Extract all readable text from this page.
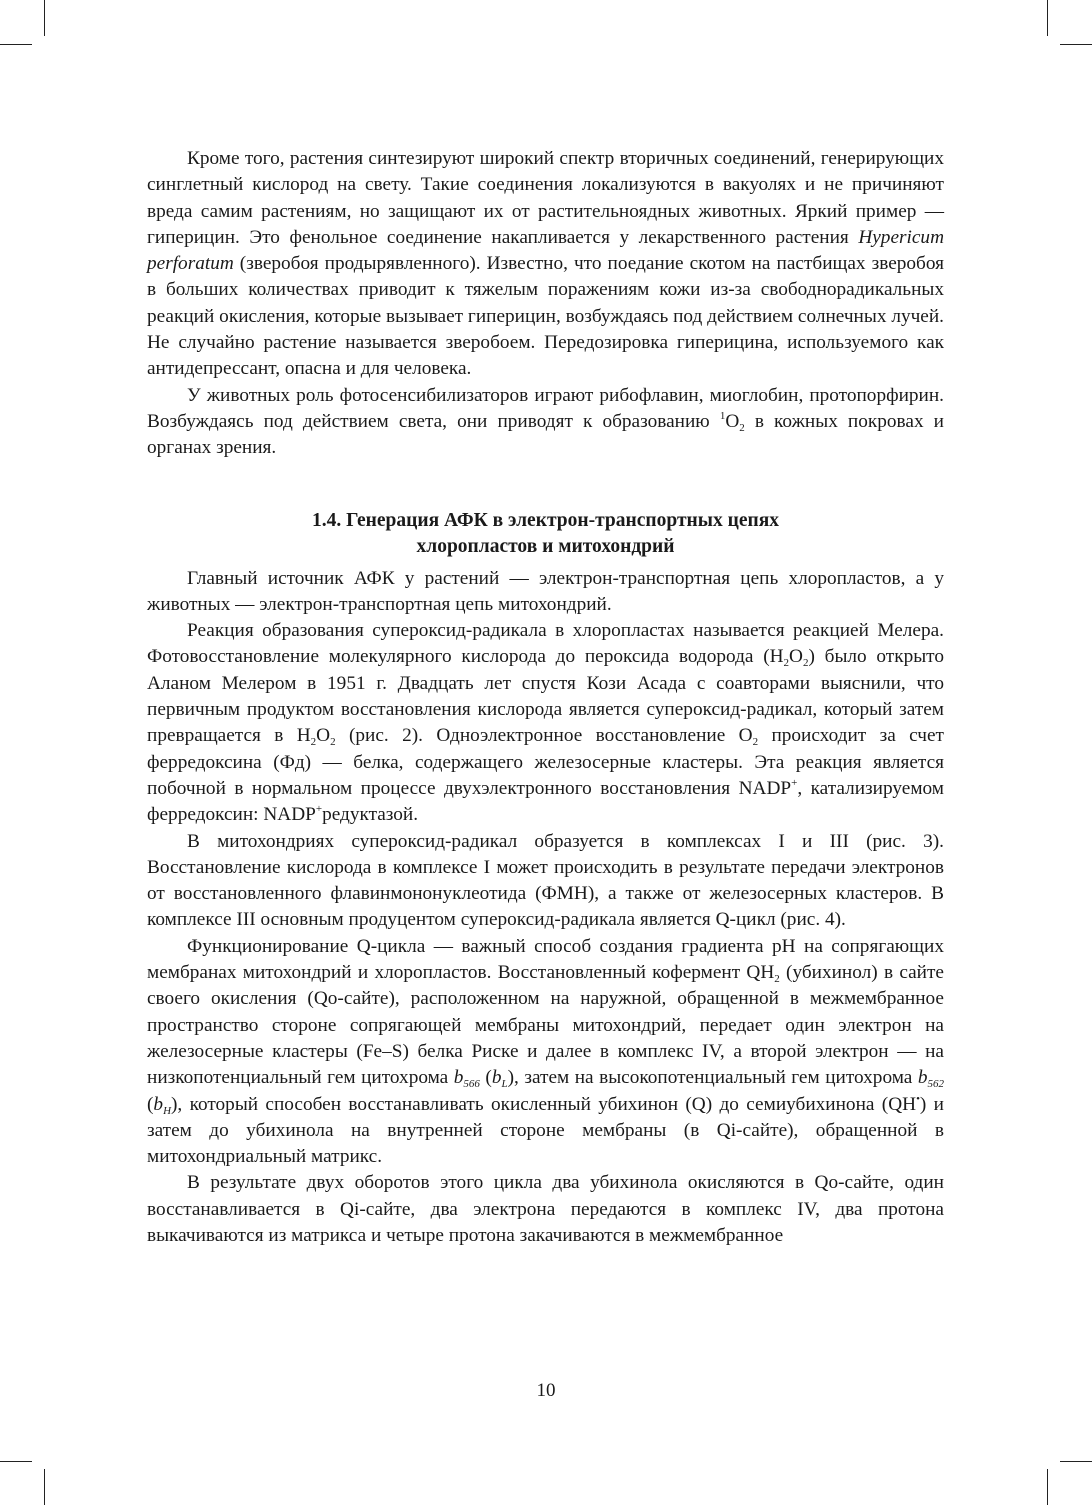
Кроме того, растения синтезируют широкий спектр вторичных соединений, генерирующих синглетный кислород на свету. Такие соединения локализуются в вакуолях и не причиняют вреда самим растениям, но защищают их от растительноядных животных. Яркий пример — гиперицин. Это фенольное соединение накапливается у лекарственного растения Hypericum perforatum (зверобоя продырявленного). Известно, что поедание скотом на пастбищах зверобоя в больших количествах приводит к тяжелым поражениям кожи из-за свободнорадикальных реакций окисления, которые вызывает гиперицин, возбуждаясь под действием солнечных лучей. Не случайно растение называется зверобоем. Передозировка гиперицина, используемого как антидепрессант, опасна и для человека.

У животных роль фотосенсибилизаторов играют рибофлавин, миоглобин, протопорфирин. Возбуждаясь под действием света, они приводят к образованию $^1O_2$ в кожных покровах и органах зрения.

1.4. Генерация АФК в электрон-транспортных цепях
хлоропластов и митохондрий

Главный источник АФК у растений — электрон-транспортная цепь хлоропластов, а у животных — электрон-транспортная цепь митохондрий.

Реакция образования супероксид-радикала в хлоропластах называется реакцией Мелера. Фотовосстановление молекулярного кислорода до пероксида водорода $(H_2O_2)$ было открыто Аланом Мелером в 1951 г. Двадцать лет спустя Кози Асада с соавторами выяснили, что первичным продуктом восстановления кислорода является супероксид-радикал, который затем превращается в $H_2O_2$ (рис. 2). Одноэлектронное восстановление $O_2$ происходит за счет ферредоксина (Фд) — белка, содержащего железосерные кластеры. Эта реакция является побочной в нормальном процессе двухэлектронного восстановления NADP+, катализируемом ферредоксин: NADP+редуктазой.

В митохондриях супероксид-радикал образуется в комплексах I и III (рис. 3). Восстановление кислорода в комплексе I может происходить в результате передачи электронов от восстановленного флавинмононуклеотида (ФМН), а также от железосерных кластеров. В комплексе III основным продуцентом супероксид-радикала является Q-цикл (рис. 4).

Функционирование Q-цикла — важный способ создания градиента pH на сопрягающих мембранах митохондрий и хлоропластов. Восстановленный кофермент $QH_2$ (убихинол) в сайте своего окисления (Qo-сайте), расположенном на наружной, обращенной в межмембранное пространство стороне сопрягающей мембраны митохондрий, передает один электрон на железосерные кластеры (Fe–S) белка Риске и далее в комплекс IV, а второй электрон — на низкопотенциальный гем цитохрома $b_{566}$ $(b_L)$, затем на высокопотенциальный гем цитохрома $b_{562}$ $(b_H)$, который способен восстанавливать окисленный убихинон (Q) до семиубихинона (QH•) и затем до убихинола на внутренней стороне мембраны (в Qi-сайте), обращенной в митохондриальный матрикс.

В результате двух оборотов этого цикла два убихинола окисляются в Qo-сайте, один восстанавливается в Qi-сайте, два электрона передаются в комплекс IV, два протона выкачиваются из матрикса и четыре протона закачиваются в межмембранное

10
